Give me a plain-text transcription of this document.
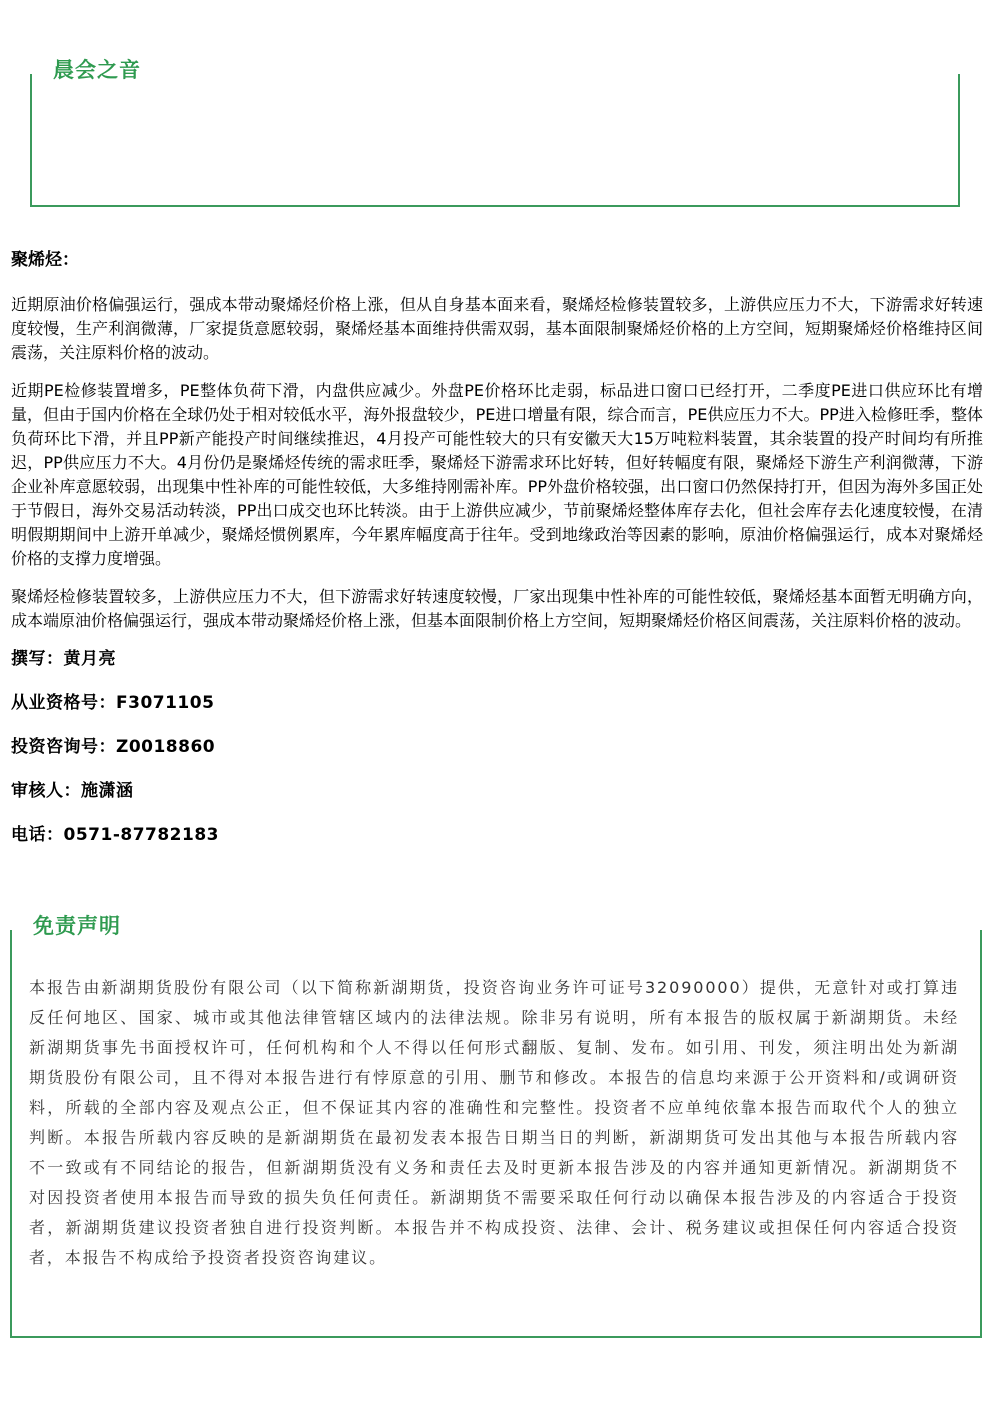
晨会之音
聚烯烃：

近期原油价格偏强运行，强成本带动聚烯烃价格上涨，但从自身基本面来看，聚烯烃检修装置较多，上游供应压力不大，下游需求好转速度较慢，生产利润微薄，厂家提货意愿较弱，聚烯烃基本面维持供需双弱，基本面限制聚烯烃价格的上方空间，短期聚烯烃价格维持区间震荡，关注原料价格的波动。

近期PE检修装置增多，PE整体负荷下滑，内盘供应减少。外盘PE价格环比走弱，标品进口窗口已经打开，二季度PE进口供应环比有增量，但由于国内价格在全球仍处于相对较低水平，海外报盘较少，PE进口增量有限，综合而言，PE供应压力不大。PP进入检修旺季，整体负荷环比下滑，并且PP新产能投产时间继续推迟，4月投产可能性较大的只有安徽天大15万吨粒料装置，其余装置的投产时间均有所推迟，PP供应压力不大。4月份仍是聚烯烃传统的需求旺季，聚烯烃下游需求环比好转，但好转幅度有限，聚烯烃下游生产利润微薄，下游企业补库意愿较弱，出现集中性补库的可能性较低，大多维持刚需补库。PP外盘价格较强，出口窗口仍然保持打开，但因为海外多国正处于节假日，海外交易活动转淡，PP出口成交也环比转淡。由于上游供应减少，节前聚烯烃整体库存去化，但社会库存去化速度较慢，在清明假期期间中上游开单减少，聚烯烃惯例累库，今年累库幅度高于往年。受到地缘政治等因素的影响，原油价格偏强运行，成本对聚烯烃价格的支撑力度增强。

聚烯烃检修装置较多，上游供应压力不大，但下游需求好转速度较慢，厂家出现集中性补库的可能性较低，聚烯烃基本面暂无明确方向，成本端原油价格偏强运行，强成本带动聚烯烃价格上涨，但基本面限制价格上方空间，短期聚烯烃价格区间震荡，关注原料价格的波动。

撰写：黄月亮
从业资格号：F3071105
投资咨询号：Z0018860
审核人：施潇涵
电话：0571-87782183
免责声明

本报告由新湖期货股份有限公司（以下简称新湖期货，投资咨询业务许可证号32090000）提供，无意针对或打算违反任何地区、国家、城市或其他法律管辖区域内的法律法规。除非另有说明，所有本报告的版权属于新湖期货。未经新湖期货事先书面授权许可，任何机构和个人不得以任何形式翻版、复制、发布。如引用、刊发，须注明出处为新湖期货股份有限公司，且不得对本报告进行有悖原意的引用、删节和修改。本报告的信息均来源于公开资料和/或调研资料，所载的全部内容及观点公正，但不保证其内容的准确性和完整性。投资者不应单纯依靠本报告而取代个人的独立判断。本报告所载内容反映的是新湖期货在最初发表本报告日期当日的判断，新湖期货可发出其他与本报告所载内容不一致或有不同结论的报告，但新湖期货没有义务和责任去及时更新本报告涉及的内容并通知更新情况。新湖期货不对因投资者使用本报告而导致的损失负任何责任。新湖期货不需要采取任何行动以确保本报告涉及的内容适合于投资者，新湖期货建议投资者独自进行投资判断。本报告并不构成投资、法律、会计、税务建议或担保任何内容适合投资者，本报告不构成给予投资者投资咨询建议。
